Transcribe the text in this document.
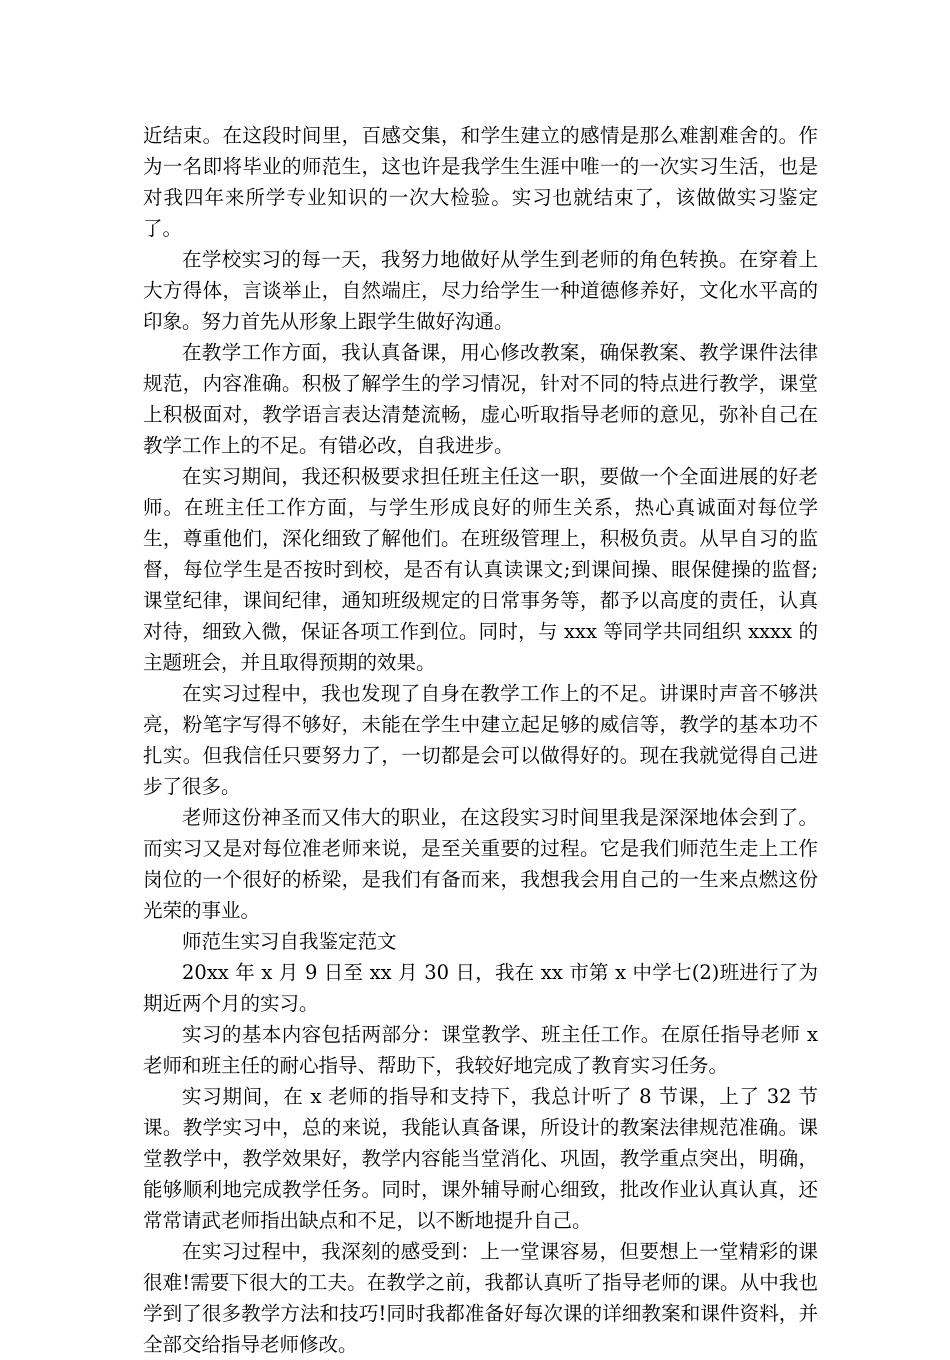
近结束。在这段时间里，百感交集，和学生建立的感情是那么难割难舍的。作为一名即将毕业的师范生，这也许是我学生生涯中唯一的一次实习生活，也是对我四年来所学专业知识的一次大检验。实习也就结束了，该做做实习鉴定了。

在学校实习的每一天，我努力地做好从学生到老师的角色转换。在穿着上大方得体，言谈举止，自然端庄，尽力给学生一种道德修养好，文化水平高的印象。努力首先从形象上跟学生做好沟通。

在教学工作方面，我认真备课，用心修改教案，确保教案、教学课件法律规范，内容准确。积极了解学生的学习情况，针对不同的特点进行教学，课堂上积极面对，教学语言表达清楚流畅，虚心听取指导老师的意见，弥补自己在教学工作上的不足。有错必改，自我进步。

在实习期间，我还积极要求担任班主任这一职，要做一个全面进展的好老师。在班主任工作方面，与学生形成良好的师生关系，热心真诚面对每位学生，尊重他们，深化细致了解他们。在班级管理上，积极负责。从早自习的监督，每位学生是否按时到校，是否有认真读课文;到课间操、眼保健操的监督;课堂纪律，课间纪律，通知班级规定的日常事务等，都予以高度的责任，认真对待，细致入微，保证各项工作到位。同时，与 xxx 等同学共同组织 xxxx 的主题班会，并且取得预期的效果。

在实习过程中，我也发现了自身在教学工作上的不足。讲课时声音不够洪亮，粉笔字写得不够好，未能在学生中建立起足够的威信等，教学的基本功不扎实。但我信任只要努力了，一切都是会可以做得好的。现在我就觉得自己进步了很多。

老师这份神圣而又伟大的职业，在这段实习时间里我是深深地体会到了。而实习又是对每位准老师来说，是至关重要的过程。它是我们师范生走上工作岗位的一个很好的桥梁，是我们有备而来，我想我会用自己的一生来点燃这份光荣的事业。

师范生实习自我鉴定范文

20xx 年 x 月 9 日至 xx 月 30 日，我在 xx 市第 x 中学七(2)班进行了为期近两个月的实习。

实习的基本内容包括两部分：课堂教学、班主任工作。在原任指导老师 x 老师和班主任的耐心指导、帮助下，我较好地完成了教育实习任务。

实习期间，在 x 老师的指导和支持下，我总计听了 8 节课，上了 32 节课。教学实习中，总的来说，我能认真备课，所设计的教案法律规范准确。课堂教学中，教学效果好，教学内容能当堂消化、巩固，教学重点突出，明确，能够顺利地完成教学任务。同时，课外辅导耐心细致，批改作业认真认真，还常常请武老师指出缺点和不足，以不断地提升自己。

在实习过程中，我深刻的感受到：上一堂课容易，但要想上一堂精彩的课很难!需要下很大的工夫。在教学之前，我都认真听了指导老师的课。从中我也学到了很多教学方法和技巧!同时我都准备好每次课的详细教案和课件资料，并全部交给指导老师修改。
